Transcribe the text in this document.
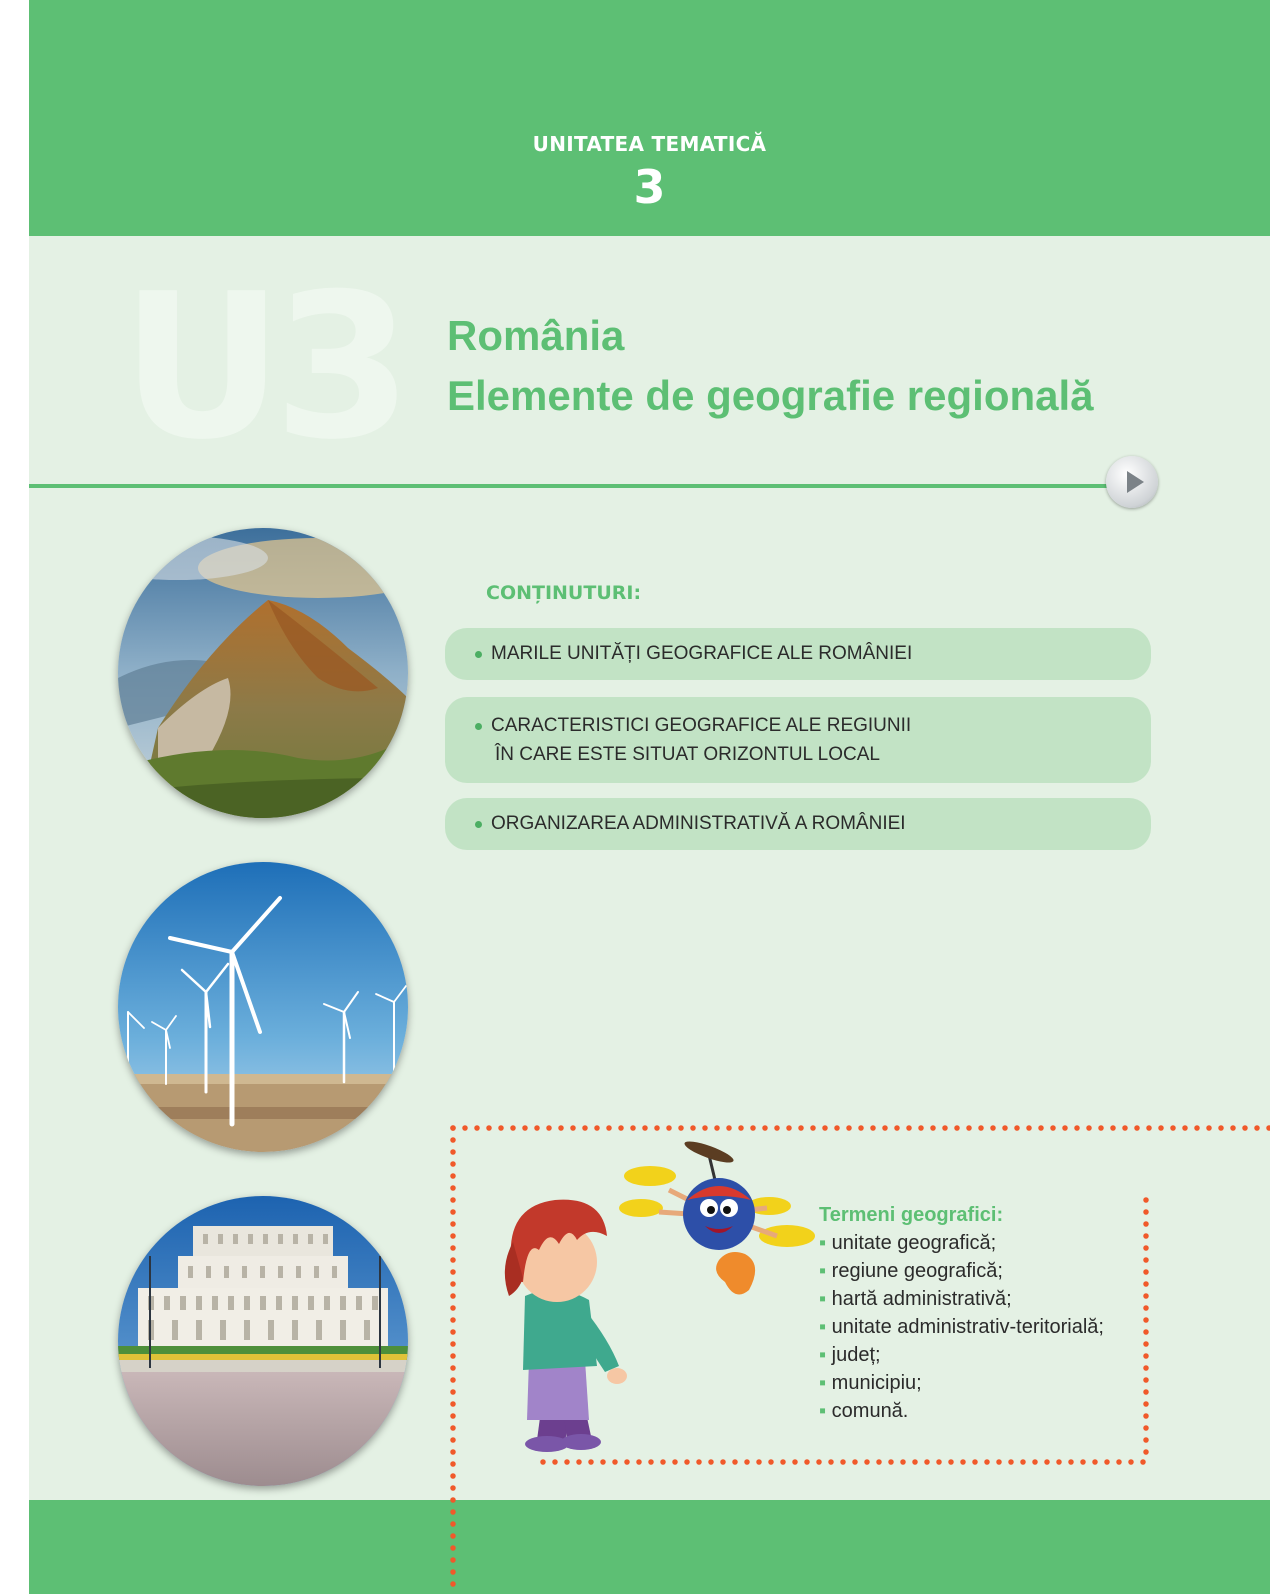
UNITATEA TEMATICĂ
3
U3 România
Elemente de geografie regională
CONȚINUTURI:
MARILE UNITĂȚI GEOGRAFICE ALE ROMÂNIEI
CARACTERISTICI GEOGRAFICE ALE REGIUNII
ÎN CARE ESTE SITUAT ORIZONTUL LOCAL
ORGANIZAREA ADMINISTRATIVĂ A ROMÂNIEI
Termeni geografici:
▪ unitate geografică;
▪ regiune geografică;
▪ hartă administrativă;
▪ unitate administrativ-teritorială;
▪ județ;
▪ municipiu;
▪ comună.
